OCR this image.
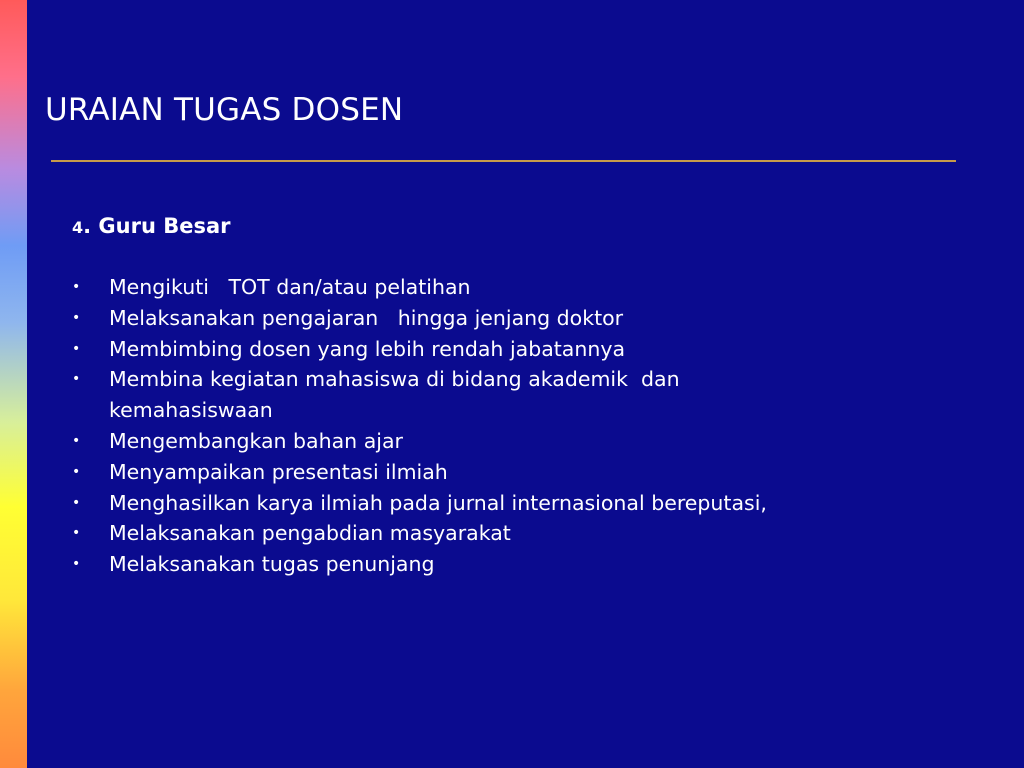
URAIAN TUGAS DOSEN

4. Guru Besar

• Mengikuti   TOT dan/atau pelatihan
• Melaksanakan pengajaran   hingga jenjang doktor
• Membimbing dosen yang lebih rendah jabatannya
• Membina kegiatan mahasiswa di bidang akademik  dan kemahasiswaan
• Mengembangkan bahan ajar
• Menyampaikan presentasi ilmiah
• Menghasilkan karya ilmiah pada jurnal internasional bereputasi,
• Melaksanakan pengabdian masyarakat
• Melaksanakan tugas penunjang
